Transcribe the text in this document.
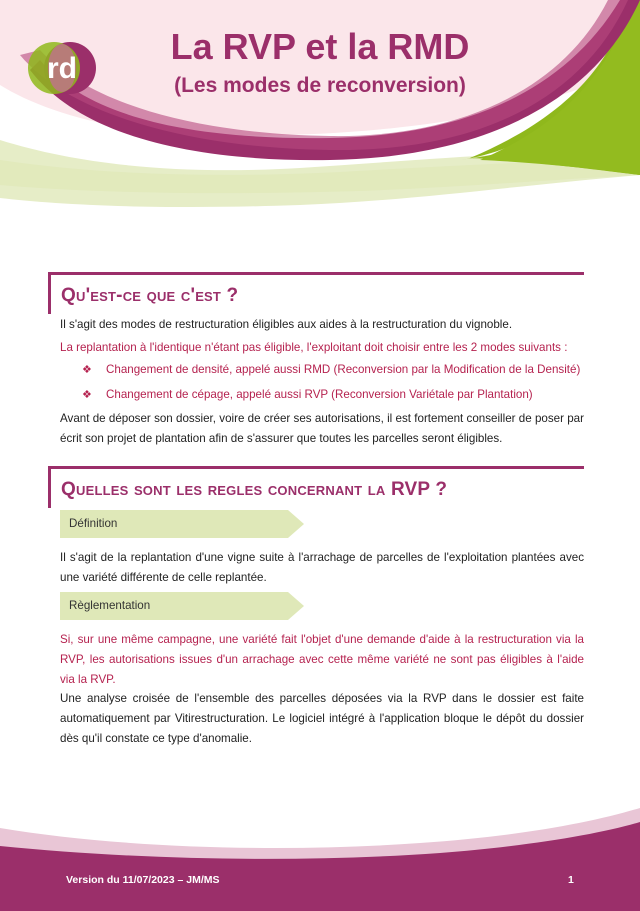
rd
La RVP et la RMD
(Les modes de reconversion)
Qu'est-ce que c'est ?
Il s'agit des modes de restructuration éligibles aux aides à la restructuration du vignoble.
La replantation à l'identique n'étant pas éligible, l'exploitant doit choisir entre les 2 modes suivants :
❖ Changement de densité, appelé aussi RMD (Reconversion par la Modification de la Densité)
❖ Changement de cépage, appelé aussi RVP (Reconversion Variétale par Plantation)
Avant de déposer son dossier, voire de créer ses autorisations, il est fortement conseiller de poser par écrit son projet de plantation afin de s'assurer que toutes les parcelles seront éligibles.
Quelles sont les regles concernant la RVP ?
Définition
Il s'agit de la replantation d'une vigne suite à l'arrachage de parcelles de l'exploitation plantées avec une variété différente de celle replantée.
Règlementation
Si, sur une même campagne, une variété fait l'objet d'une demande d'aide à la restructuration via la RVP, les autorisations issues d'un arrachage avec cette même variété ne sont pas éligibles à l'aide via la RVP.
Une analyse croisée de l'ensemble des parcelles déposées via la RVP dans le dossier est faite automatiquement par Vitirestructuration. Le logiciel intégré à l'application bloque le dépôt du dossier dès qu'il constate ce type d'anomalie.
Version du 11/07/2023 – JM/MS	1
